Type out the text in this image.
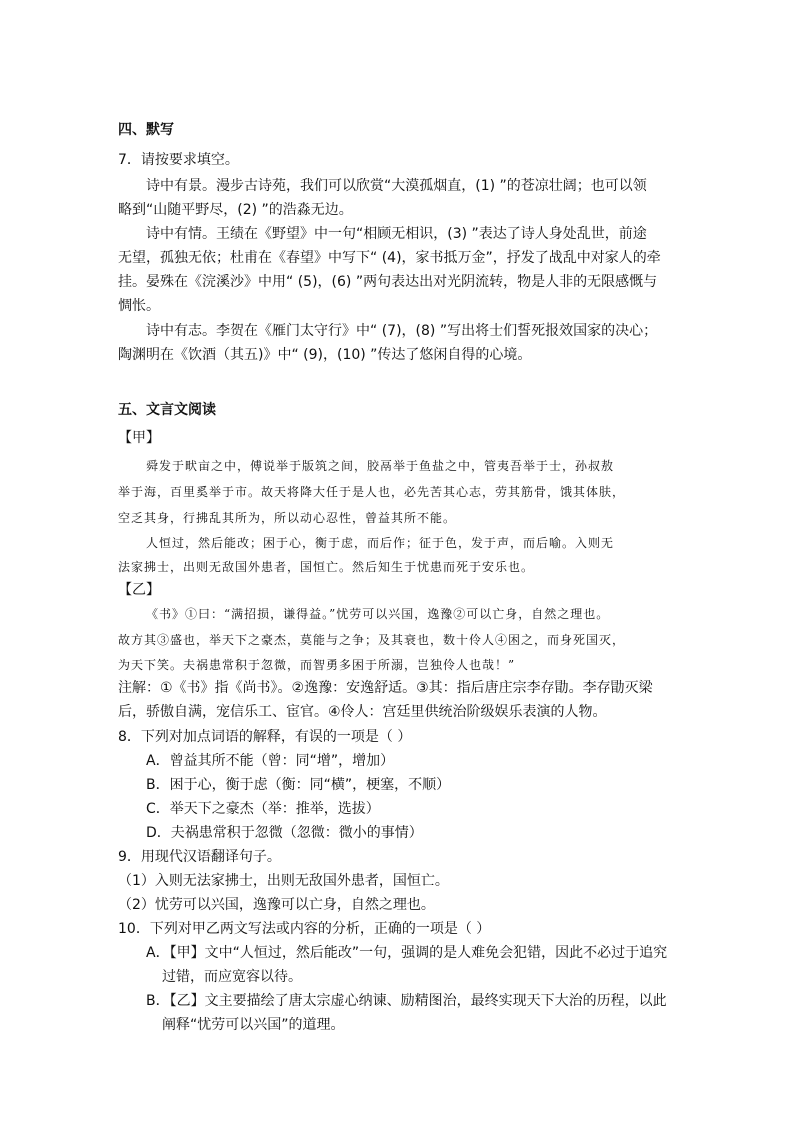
四、默写
7．请按要求填空。
诗中有景。漫步古诗苑，我们可以欣赏“大漠孤烟直，(1) ”的苍凉壮阔；也可以领
略到“山随平野尽，(2) ”的浩淼无边。
诗中有情。王绩在《野望》中一句“相顾无相识，(3) ”表达了诗人身处乱世，前途
无望，孤独无依；杜甫在《春望》中写下“ (4)，家书抵万金”，抒发了战乱中对家人的牵
挂。晏殊在《浣溪沙》中用“ (5)，(6) ”两句表达出对光阴流转，物是人非的无限感慨与
惆怅。
诗中有志。李贺在《雁门太守行》中“ (7)，(8) ”写出将士们誓死报效国家的决心；
陶渊明在《饮酒（其五)》中“ (9)，(10) ”传达了悠闲自得的心境。
五、文言文阅读
【甲】
舜发于畎亩之中，傅说举于版筑之间，胶鬲举于鱼盐之中，管夷吾举于士，孙叔敖
举于海，百里奚举于市。故天将降大任于是人也，必先苦其心志，劳其筋骨，饿其体肤，
空乏其身，行拂乱其所为，所以动心忍性，曾益其所不能。
人恒过，然后能改；困于心，衡于虑，而后作；征于色，发于声，而后喻。入则无
法家拂士，出则无敌国外患者，国恒亡。然后知生于忧患而死于安乐也。
【乙】
《书》①曰：“满招损，谦得益。”忧劳可以兴国，逸豫②可以亡身，自然之理也。
故方其③盛也，举天下之豪杰，莫能与之争；及其衰也，数十伶人④困之，而身死国灭，
为天下笑。夫祸患常积于忽微，而智勇多困于所溺，岂独伶人也哉！”
注解：①《书》指《尚书》。②逸豫：安逸舒适。③其：指后唐庄宗李存勖。李存勖灭梁
后，骄傲自满，宠信乐工、宦官。④伶人：宫廷里供统治阶级娱乐表演的人物。
8．下列对加点词语的解释，有误的一项是（ ）
A．曾益其所不能（曾：同“增”，增加）
B．困于心，衡于虑（衡：同“横”，梗塞，不顺）
C．举天下之豪杰（举：推举，选拔）
D．夫祸患常积于忽微（忽微：微小的事情）
9．用现代汉语翻译句子。
（1）入则无法家拂士，出则无敌国外患者，国恒亡。
（2）忧劳可以兴国，逸豫可以亡身，自然之理也。
10．下列对甲乙两文写法或内容的分析，正确的一项是（ ）
A．【甲】文中“人恒过，然后能改”一句，强调的是人难免会犯错，因此不必过于追究
过错，而应宽容以待。
B．【乙】文主要描绘了唐太宗虚心纳谏、励精图治，最终实现天下大治的历程，以此
阐释“忧劳可以兴国”的道理。
